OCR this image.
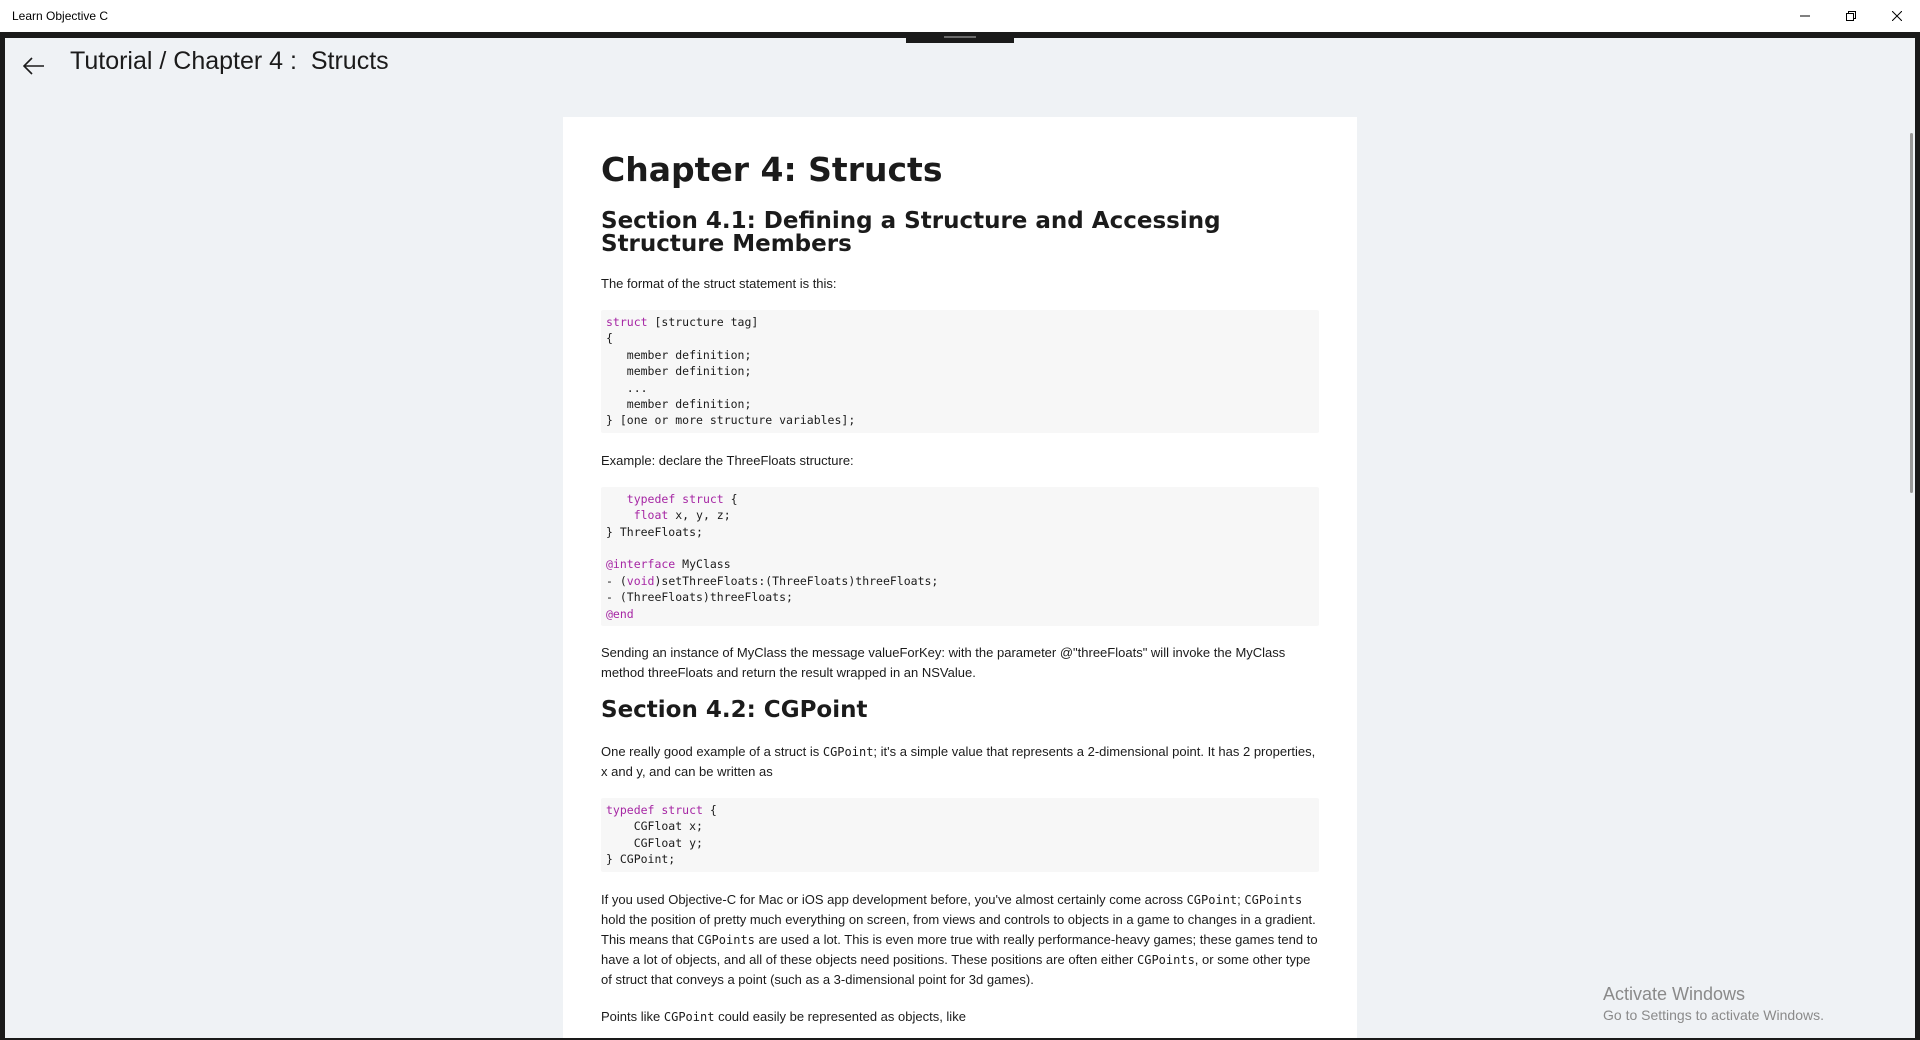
Learn Objective C
Tutorial / Chapter 4 :  Structs
Chapter 4: Structs
Section 4.1: Defining a Structure and Accessing Structure Members

The format of the struct statement is this:

struct [structure tag]
{
member definition;
member definition;
...
member definition;
} [one or more structure variables];

Example: declare the ThreeFloats structure:

typedef struct {
float x, y, z;
} ThreeFloats;

@interface MyClass
- (void)setThreeFloats:(ThreeFloats)threeFloats;
- (ThreeFloats)threeFloats;
@end

Sending an instance of MyClass the message valueForKey: with the parameter @"threeFloats" will invoke the MyClass method threeFloats and return the result wrapped in an NSValue.

Section 4.2: CGPoint

One really good example of a struct is CGPoint; it's a simple value that represents a 2-dimensional point. It has 2 properties, x and y, and can be written as

typedef struct {
CGFloat x;
CGFloat y;
} CGPoint;

If you used Objective-C for Mac or iOS app development before, you've almost certainly come across CGPoint; CGPoints hold the position of pretty much everything on screen, from views and controls to objects in a game to changes in a gradient. This means that CGPoints are used a lot. This is even more true with really performance-heavy games; these games tend to have a lot of objects, and all of these objects need positions. These positions are often either CGPoints, or some other type of struct that conveys a point (such as a 3-dimensional point for 3d games).

Points like CGPoint could easily be represented as objects, like

Activate Windows
Go to Settings to activate Windows.
